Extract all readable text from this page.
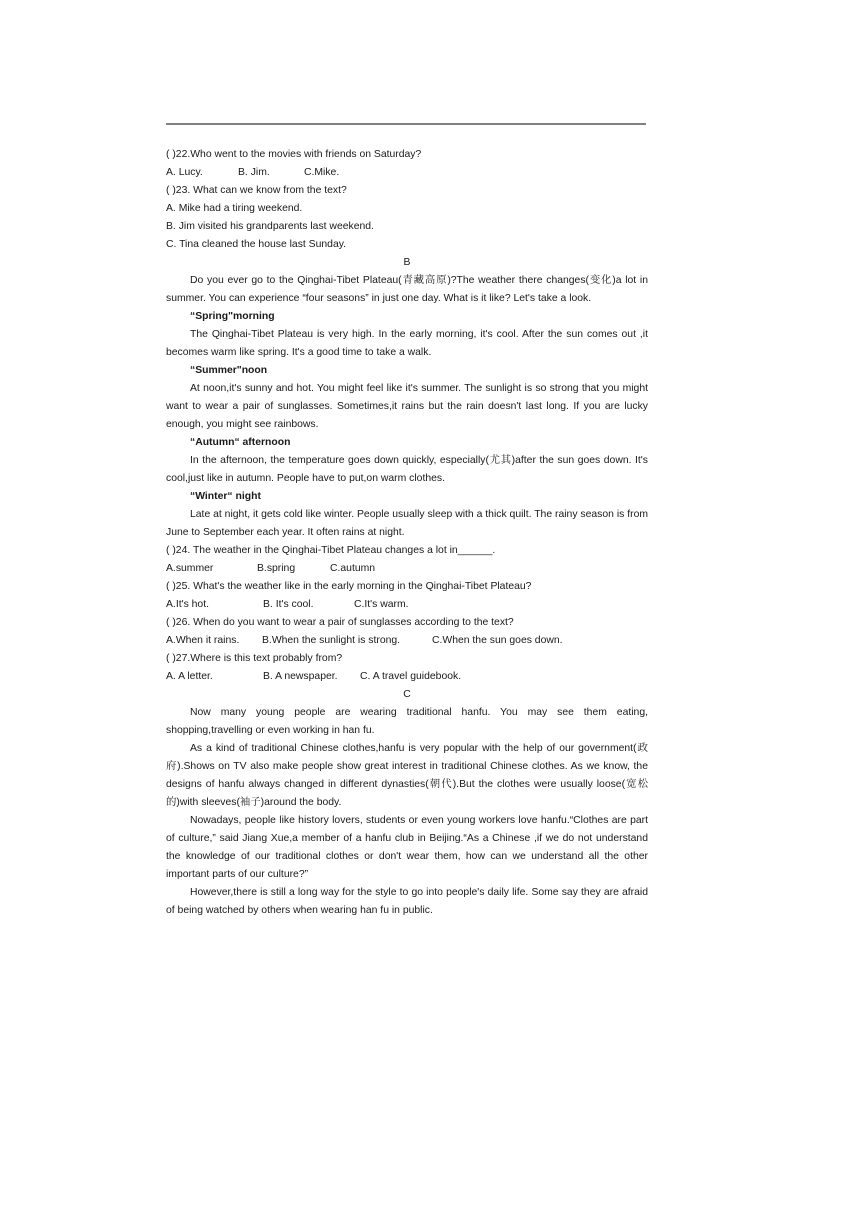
( )22.Who went to the movies with friends on Saturday?
A. Lucy.	B. Jim.	C.Mike.
( )23. What can we know from the text?
A. Mike had a tiring weekend.
B. Jim visited his grandparents last weekend.
C. Tina cleaned the house last Sunday.
B
Do you ever go to the Qinghai-Tibet Plateau(青藏高原)?The weather there changes(变化)a lot in summer. You can experience “four seasons” in just one day. What is it like? Let's take a look.
“Spring"morning
The Qinghai-Tibet Plateau is very high. In the early morning, it's cool. After the sun comes out ,it becomes warm like spring. It's a good time to take a walk.
“Summer"noon
At noon,it's sunny and hot. You might feel like it's summer. The sunlight is so strong that you might want to wear a pair of sunglasses. Sometimes,it rains but the rain doesn't last long. If you are lucky enough, you might see rainbows.
“Autumn“ afternoon
In the afternoon, the temperature goes down quickly, especially(尤其)after the sun goes down. It's cool,just like in autumn. People have to put,on warm clothes.
“Winter“ night
Late at night, it gets cold like winter. People usually sleep with a thick quilt. The rainy season is from June to September each year. It often rains at night.
( )24. The weather in the Qinghai-Tibet Plateau changes a lot in______.
A.summer	B.spring	C.autumn
( )25. What's the weather like in the early morning in the Qinghai-Tibet Plateau?
A.It's hot.	B. It's cool.	C.It's warm.
( )26. When do you want to wear a pair of sunglasses according to the text?
A.When it rains. B.When the sunlight is strong.	C.When the sun goes down.
( )27.Where is this text probably from?
A. A letter.	B. A newspaper. C. A travel guidebook.
C
Now many young people are wearing traditional hanfu. You may see them eating, shopping,travelling or even working in han fu.
As a kind of traditional Chinese clothes,hanfu is very popular with the help of our government(政府).Shows on TV also make people show great interest in traditional Chinese clothes. As we know, the designs of hanfu always changed in different dynasties(朝代).But the clothes were usually loose(宽松的)with sleeves(袖子)around the body.
Nowadays, people like history lovers, students or even young workers love hanfu.“Clothes are part of culture,” said Jiang Xue,a member of a hanfu club in Beijing.“As a Chinese ,if we do not understand the knowledge of our traditional clothes or don't wear them, how can we understand all the other important parts of our culture?”
However,there is still a long way for the style to go into people's daily life. Some say they are afraid of being watched by others when wearing han fu in public.
